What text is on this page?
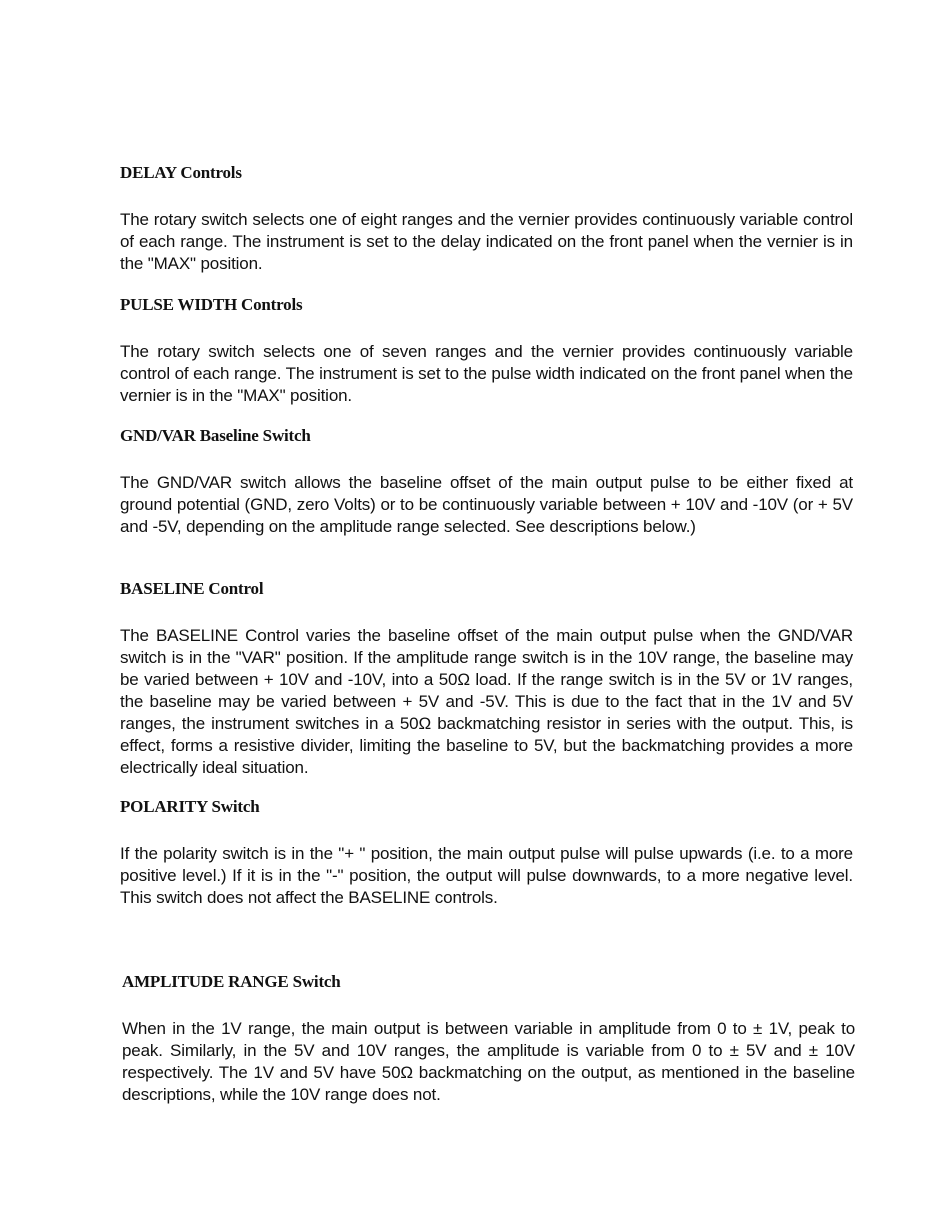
DELAY Controls

The rotary switch selects one of eight ranges and the vernier provides continuously variable control of each range. The instrument is set to the delay indicated on the front panel when the vernier is in the "MAX" position.

PULSE WIDTH Controls

The rotary switch selects one of seven ranges and the vernier provides continuously variable control of each range. The instrument is set to the pulse width indicated on the front panel when the vernier is in the "MAX" position.

GND/VAR Baseline Switch

The GND/VAR switch allows the baseline offset of the main output pulse to be either fixed at ground potential (GND, zero Volts) or to be continuously variable between + 10V and -10V (or + 5V and -5V, depending on the amplitude range selected. See descriptions below.)

BASELINE Control

The BASELINE Control varies the baseline offset of the main output pulse when the GND/VAR switch is in the "VAR" position. If the amplitude range switch is in the 10V range, the baseline may be varied between + 10V and -10V, into a 50Ω load. If the range switch is in the 5V or 1V ranges, the baseline may be varied between + 5V and -5V. This is due to the fact that in the 1V and 5V ranges, the instrument switches in a 50Ω backmatching resistor in series with the output. This, is effect, forms a resistive divider, limiting the baseline to 5V, but the backmatching provides a more electrically ideal situation.

POLARITY Switch

If the polarity switch is in the "+ " position, the main output pulse will pulse upwards (i.e. to a more positive level.) If it is in the "-" position, the output will pulse downwards, to a more negative level. This switch does not affect the BASELINE controls.

AMPLITUDE RANGE Switch

When in the 1V range, the main output is between variable in amplitude from 0 to ± 1V, peak to peak. Similarly, in the 5V and 10V ranges, the amplitude is variable from 0 to ± 5V and ± 10V respectively. The 1V and 5V have 50Ω backmatching on the output, as mentioned in the baseline descriptions, while the 10V range does not.
